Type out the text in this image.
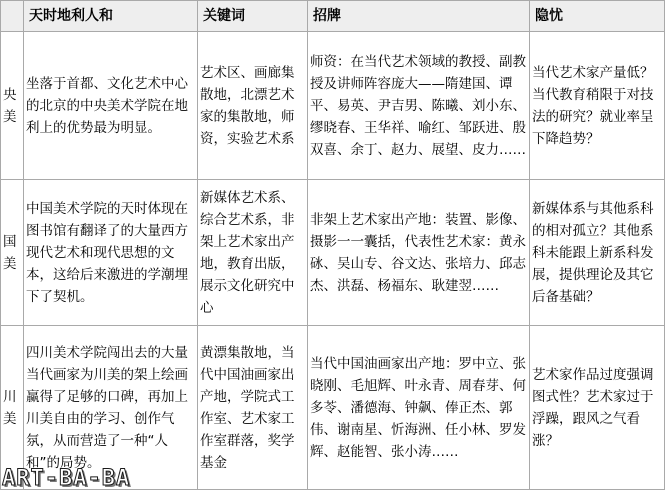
	天时地利人和	关键词	招牌	隐忧
央美	坐落于首都、文化艺术中心的北京的中央美术学院在地利上的优势最为明显。	艺术区、画廊集散地，北漂艺术家的集散地，师资，实验艺术系	师资：在当代艺术领域的教授、副教授及讲师阵容庞大——隋建国、谭平、易英、尹吉男、陈曦、刘小东、缪晓春、王华祥、喻红、邹跃进、殷双喜、余丁、赵力、展望、皮力……	当代艺术家产量低？当代教育稍限于对技法的研究？就业率呈下降趋势？
国美	中国美术学院的天时体现在图书馆有翻译了的大量西方现代艺术和现代思想的文本，这给后来激进的学潮埋下了契机。	新媒体艺术系、综合艺术系，非架上艺术家出产地，教育出版，展示文化研究中心	非架上艺术家出产地：装置、影像、摄影一一囊括，代表性艺术家：黄永砯、吴山专、谷文达、张培力、邱志杰、洪磊、杨福东、耿建翌……	新媒体系与其他系科的相对孤立？其他系科未能跟上新系科发展，提供理论及其它后备基础？
川美	四川美术学院闯出去的大量当代画家为川美的架上绘画赢得了足够的口碑，再加上川美自由的学习、创作气氛，从而营造了一种“人和”的局势。	黄漂集散地，当代中国油画家出产地，学院式工作室、艺术家工作室群落，奖学基金	当代中国油画家出产地：罗中立、张晓刚、毛旭辉、叶永青、周春芽、何多苓、潘德海、钟飙、俸正杰、郭伟、谢南星、忻海洲、任小林、罗发辉、赵能智、张小涛……	艺术家作品过度强调图式性？艺术家过于浮躁，跟风之气看涨？
ART-BA-BA
